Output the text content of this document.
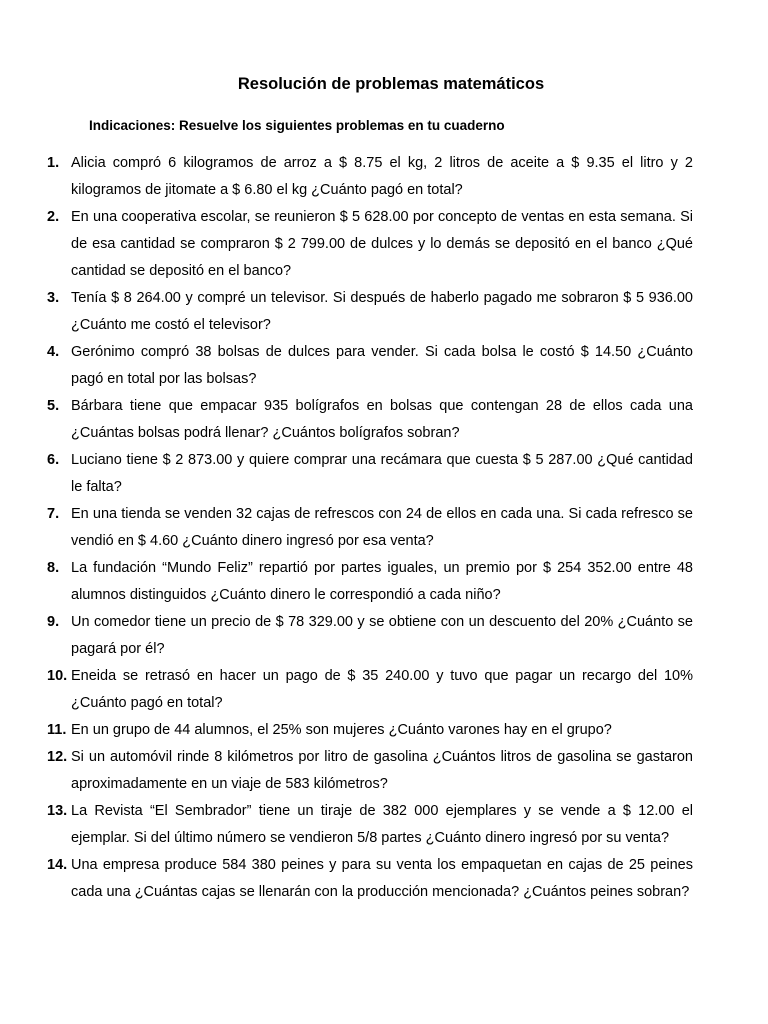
Resolución de problemas matemáticos

Indicaciones: Resuelve los siguientes problemas en tu cuaderno

1. Alicia compró 6 kilogramos de arroz a $ 8.75 el kg, 2 litros de aceite a $ 9.35 el litro y 2 kilogramos de jitomate a $ 6.80 el kg ¿Cuánto pagó en total?
2. En una cooperativa escolar, se reunieron $ 5 628.00 por concepto de ventas en esta semana. Si de esa cantidad se compraron $ 2 799.00 de dulces y lo demás se depositó en el banco ¿Qué cantidad se depositó en el banco?
3. Tenía $ 8 264.00 y compré un televisor. Si después de haberlo pagado me sobraron $ 5 936.00 ¿Cuánto me costó el televisor?
4. Gerónimo compró 38 bolsas de dulces para vender. Si cada bolsa le costó $ 14.50 ¿Cuánto pagó en total por las bolsas?
5. Bárbara tiene que empacar 935 bolígrafos en bolsas que contengan 28 de ellos cada una ¿Cuántas bolsas podrá llenar? ¿Cuántos bolígrafos sobran?
6. Luciano tiene $ 2 873.00 y quiere comprar una recámara que cuesta $ 5 287.00 ¿Qué cantidad le falta?
7. En una tienda se venden 32 cajas de refrescos con 24 de ellos en cada una. Si cada refresco se vendió en $ 4.60 ¿Cuánto dinero ingresó por esa venta?
8. La fundación “Mundo Feliz” repartió por partes iguales, un premio por $ 254 352.00 entre 48 alumnos distinguidos ¿Cuánto dinero le correspondió a cada niño?
9. Un comedor tiene un precio de $ 78 329.00 y se obtiene con un descuento del 20% ¿Cuánto se pagará por él?
10. Eneida se retrasó en hacer un pago de $ 35 240.00 y tuvo que pagar un recargo del 10% ¿Cuánto pagó en total?
11. En un grupo de 44 alumnos, el 25% son mujeres ¿Cuánto varones hay en el grupo?
12. Si un automóvil rinde 8 kilómetros por litro de gasolina ¿Cuántos litros de gasolina se gastaron aproximadamente en un viaje de 583 kilómetros?
13. La Revista “El Sembrador” tiene un tiraje de 382 000 ejemplares y se vende a $ 12.00 el ejemplar. Si del último número se vendieron 5/8 partes ¿Cuánto dinero ingresó por su venta?
14. Una empresa produce 584 380 peines y para su venta los empaquetan en cajas de 25 peines cada una ¿Cuántas cajas se llenarán con la producción mencionada? ¿Cuántos peines sobran?
